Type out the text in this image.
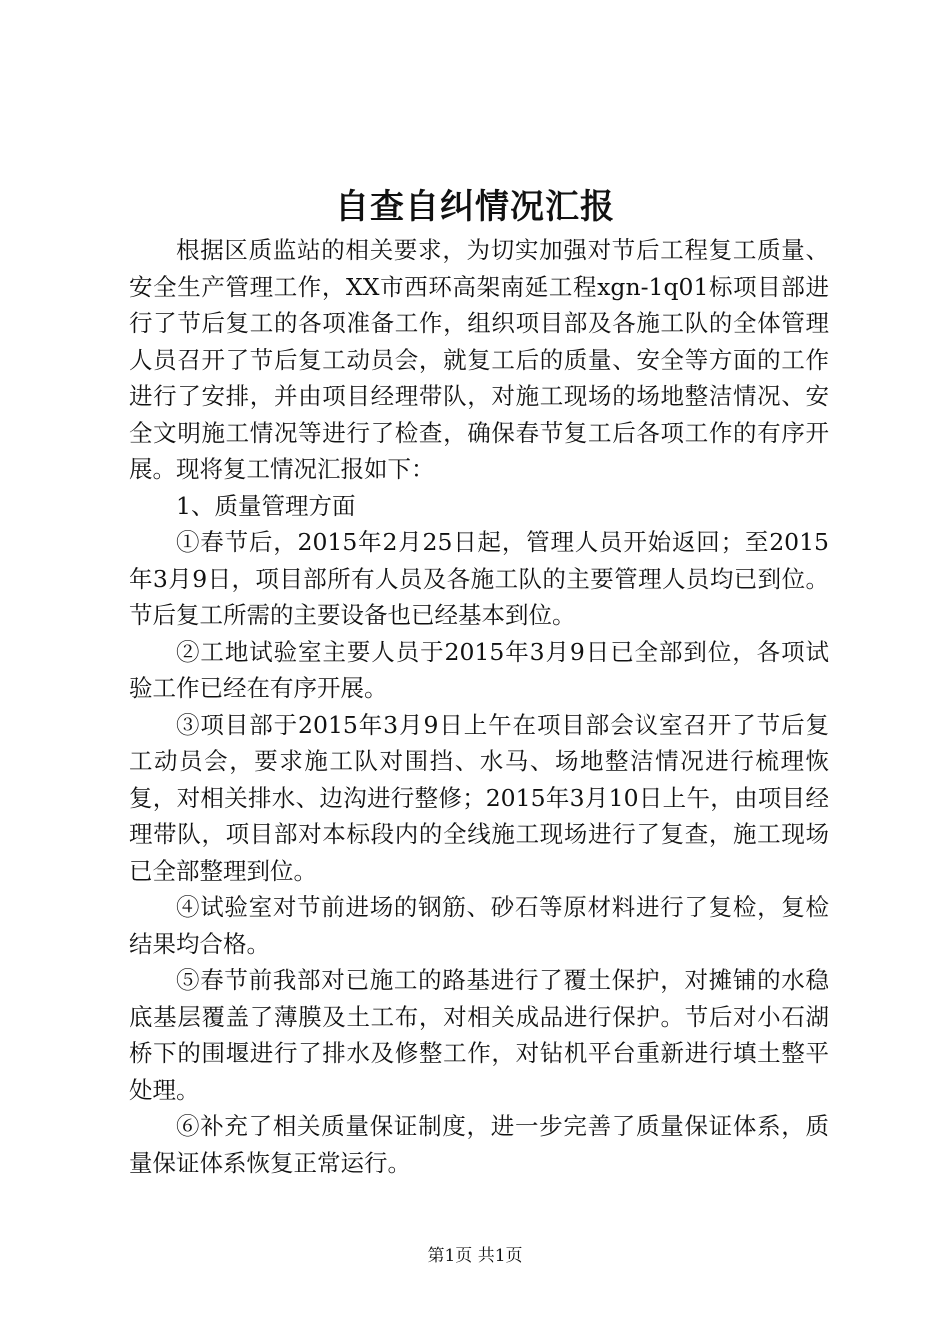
自查自纠情况汇报

根据区质监站的相关要求，为切实加强对节后工程复工质量、安全生产管理工作，XX市西环高架南延工程xgn-1q01标项目部进行了节后复工的各项准备工作，组织项目部及各施工队的全体管理人员召开了节后复工动员会，就复工后的质量、安全等方面的工作进行了安排，并由项目经理带队，对施工现场的场地整洁情况、安全文明施工情况等进行了检查，确保春节复工后各项工作的有序开展。现将复工情况汇报如下：

1、质量管理方面

①春节后，2015年2月25日起，管理人员开始返回；至2015年3月9日，项目部所有人员及各施工队的主要管理人员均已到位。节后复工所需的主要设备也已经基本到位。

②工地试验室主要人员于2015年3月9日已全部到位，各项试验工作已经在有序开展。

③项目部于2015年3月9日上午在项目部会议室召开了节后复工动员会，要求施工队对围挡、水马、场地整洁情况进行梳理恢复，对相关排水、边沟进行整修；2015年3月10日上午，由项目经理带队，项目部对本标段内的全线施工现场进行了复查，施工现场已全部整理到位。

④试验室对节前进场的钢筋、砂石等原材料进行了复检，复检结果均合格。

⑤春节前我部对已施工的路基进行了覆土保护，对摊铺的水稳底基层覆盖了薄膜及土工布，对相关成品进行保护。节后对小石湖桥下的围堰进行了排水及修整工作，对钻机平台重新进行填土整平处理。

⑥补充了相关质量保证制度，进一步完善了质量保证体系，质量保证体系恢复正常运行。

第1页 共1页
